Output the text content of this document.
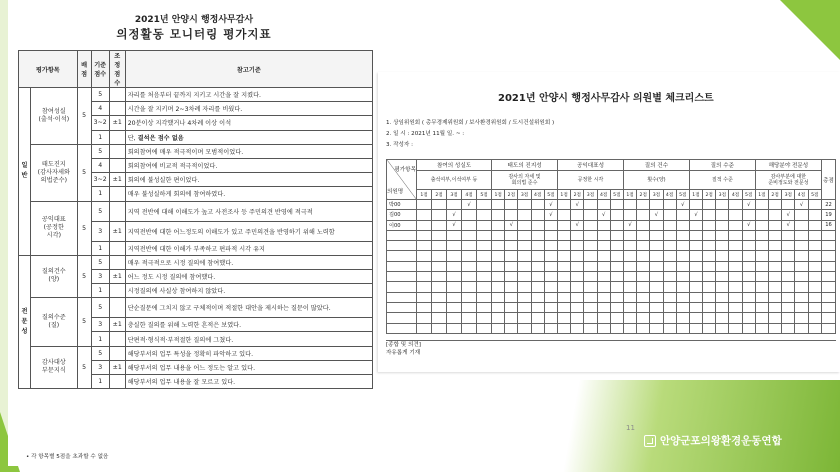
2021년 안양시 행정사무감사
의정활동 모니터링 평가지표
평가항목		배점	기준점수	조정점수	참고기준
일
반	참여성실
(출석·이석)	5	5		자리를 처음부터 끝까지 지키고 시간을 잘 지켰다.
			4		시간을 잘 지키며 2~3차례 자리를 비웠다.
			3~2	±1	20분이상 지각했거나 4차례 이상 이석
			1		단, 결석은 점수 없음
	태도진지
(감사자세와
의법준수)	5	5		회의참여에 매우 적극적이며 모범적이었다.
			4		회의참여에 비교적 적극적이었다.
			3~2	±1	회의에 불성실한 편이었다.
			1		매우 불성실하게 회의에 참여하였다.
	공익대표
(공정한
시각)	5	5		지역 전반에 대해 이해도가 높고 사전조사 등 주민의견 반영에 적극적
			3	±1	지역전반에 대한 어느정도의 이해도가 있고 주민의견을 반영하기 위해 노력함
			1		지역전반에 대한 이해가 부족하고 편파적 시각 유지
전
문
성	질의건수
(양)	5	5		매우 적극적으로 시정 질의에 참여했다.
			3	±1	어느 정도 시정 질의에 참여했다.
			1		시정질의에 사실상 참여하지 않았다.
	질의수준
(질)	5	5		단순질문에 그치지 않고 구체적이며 적절한 대안을 제시하는 질문이 많았다.
			3	±1	충실한 질의를 위해 노력한 흔적은 보였다.
			1		단편적·형식적·부적절한 질의에 그쳤다.
	감사대상
부문지식	5	5		해당부서의 업무 특성을 정확히 파악하고 있다.
			3	±1	해당부서의 업무 내용을 어느 정도는 알고 있다.
			1		해당부서의 업무 내용을 잘 모르고 있다.
• 각 항목별 5점을 초과할 수 없음
2021년 안양시 행정사무감사 의원별 체크리스트
1. 상임위원회 ( 총무경제위원회 / 보사환경위원회 / 도시건설위원회 )
2. 일 시 : 2021년 11월 일. ~ :
3. 작성자 :
평가항목
의원명	참여의 성실도					태도의 진지성					공익대표성					질의 건수					질의 수준					해당분야 전문성					총점
	출석여부,이석여부 등					감사의 자세 및
회의법 준수					공정한 시각					횟수(양)					질적 수준					감사부분에 대한
준비정도와 전문성					
	1점	2점	3점	4점	5점	1점	2점	3점	4점	5점	1점	2점	3점	4점	5점	1점	2점	3점	4점	5점	1점	2점	3점	4점	5점	1점	2점	3점	4점	5점	
박00				√						√		√								√					√				√		22
김00			√							√				√				√			√							√			19
이00			√				√					√				√									√			√			16

[종합 및 의견]
자유롭게 기재
11
안양군포의왕환경운동연합
